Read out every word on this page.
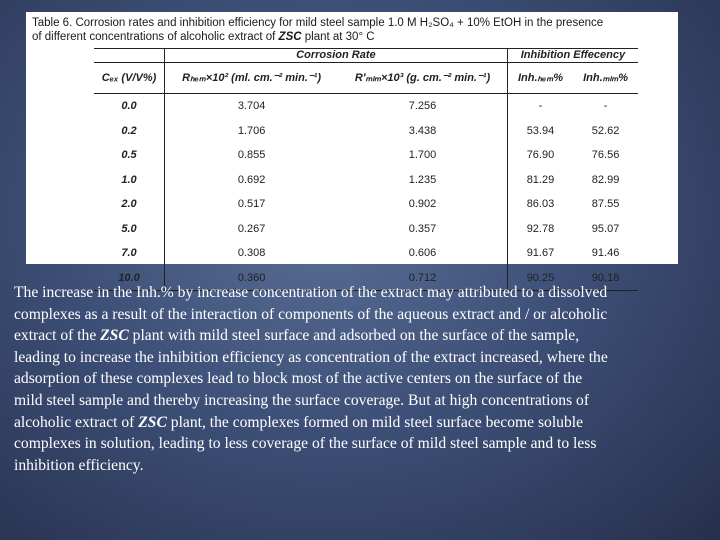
Table 6. Corrosion rates and inhibition efficiency for mild steel sample 1.0 M H₂SO₄ + 10% EtOH in the presence
of different concentrations of alcoholic extract of ZSC plant at 30° C
	Corrosion Rate		Inhibition Effecency	
Cₑₓ (V/V%)	Rₕₑₘ×10² (ml. cm.⁻² min.⁻¹)	R′ₘₗₘ×10³ (g. cm.⁻² min.⁻¹)	Inh.ₕₑₘ%	Inh.ₘₗₘ%
0.0	3.704	7.256	-	-
0.2	1.706	3.438	53.94	52.62
0.5	0.855	1.700	76.90	76.56
1.0	0.692	1.235	81.29	82.99
2.0	0.517	0.902	86.03	87.55
5.0	0.267	0.357	92.78	95.07
7.0	0.308	0.606	91.67	91.46
10.0	0.360	0.712	90.25	90.18

The increase in the Inh.% by increase concentration of the extract may attributed to a dissolved
complexes as a result of the interaction of components of the aqueous extract and / or alcoholic
extract of the ZSC plant with mild steel surface and adsorbed on the surface of the sample,
leading to increase the inhibition efficiency as concentration of the extract increased, where the
adsorption of these complexes lead to block most of the active centers on the surface of the
mild steel sample and thereby increasing the surface coverage. But at high concentrations of
alcoholic extract of ZSC plant, the complexes formed on mild steel surface become soluble
complexes in solution, leading to less coverage of the surface of mild steel sample and to less
inhibition efficiency.
